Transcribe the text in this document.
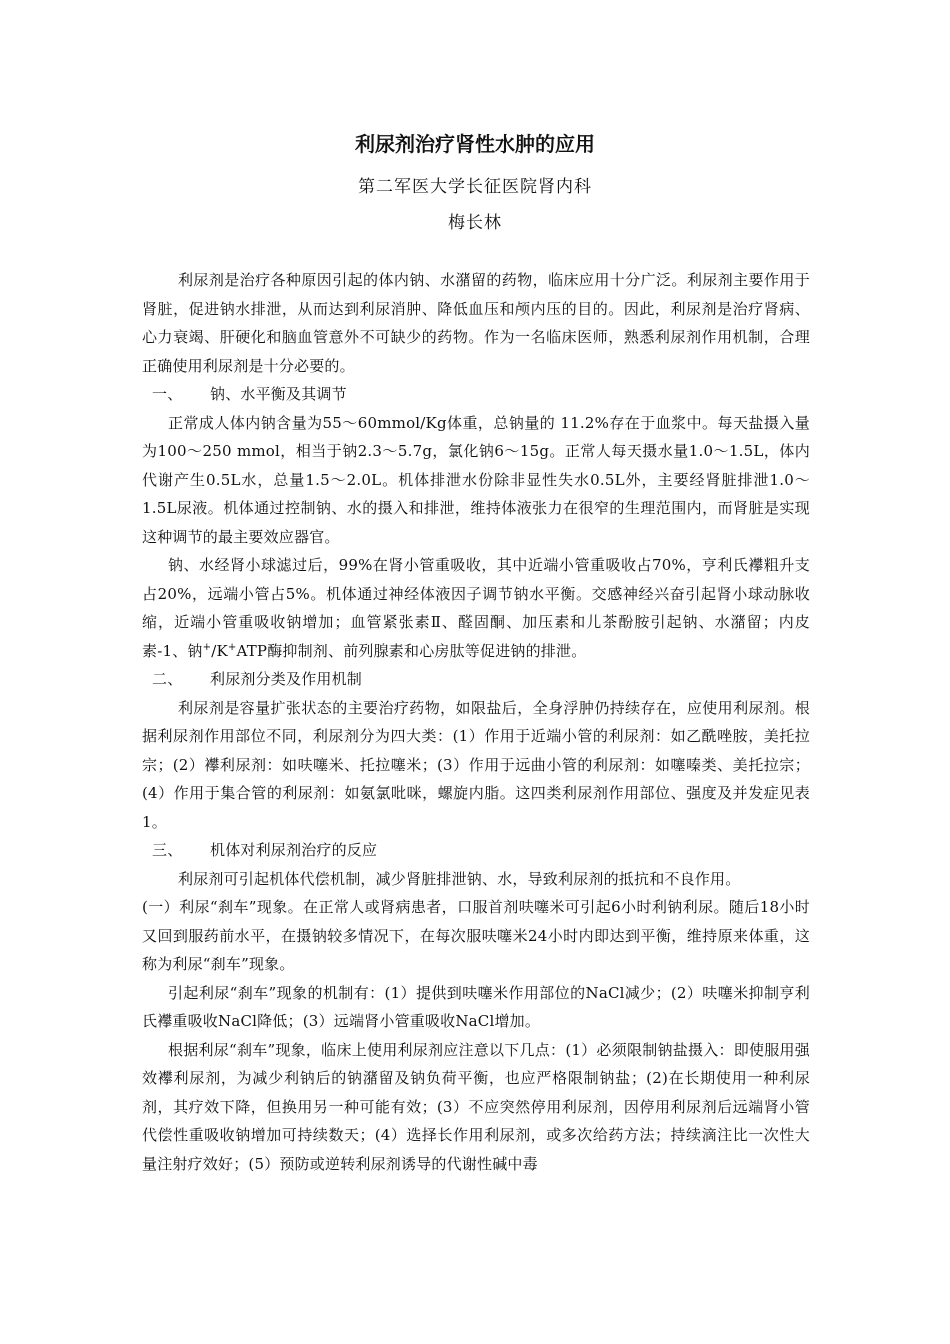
利尿剂治疗肾性水肿的应用
第二军医大学长征医院肾内科
梅长林

利尿剂是治疗各种原因引起的体内钠、水潴留的药物，临床应用十分广泛。利尿剂主要作用于肾脏，促进钠水排泄，从而达到利尿消肿、降低血压和颅内压的目的。因此，利尿剂是治疗肾病、心力衰竭、肝硬化和脑血管意外不可缺少的药物。作为一名临床医师，熟悉利尿剂作用机制，合理正确使用利尿剂是十分必要的。

一、 钠、水平衡及其调节

正常成人体内钠含量为55～60mmol/Kg体重，总钠量的 11.2%存在于血浆中。每天盐摄入量为100～250 mmol，相当于钠2.3～5.7g，氯化钠6～15g。正常人每天摄水量1.0～1.5L，体内代谢产生0.5L水，总量1.5～2.0L。机体排泄水份除非显性失水0.5L外，主要经肾脏排泄1.0～1.5L尿液。机体通过控制钠、水的摄入和排泄，维持体液张力在很窄的生理范围内，而肾脏是实现这种调节的最主要效应器官。

钠、水经肾小球滤过后，99%在肾小管重吸收，其中近端小管重吸收占70%，亨利氏襻粗升支占20%，远端小管占5%。机体通过神经体液因子调节钠水平衡。交感神经兴奋引起肾小球动脉收缩，近端小管重吸收钠增加；血管紧张素Ⅱ、醛固酮、加压素和儿茶酚胺引起钠、水潴留；内皮素-1、钠+/K+ATP酶抑制剂、前列腺素和心房肽等促进钠的排泄。

二、 利尿剂分类及作用机制

利尿剂是容量扩张状态的主要治疗药物，如限盐后，全身浮肿仍持续存在，应使用利尿剂。根据利尿剂作用部位不同，利尿剂分为四大类：(1）作用于近端小管的利尿剂：如乙酰唑胺，美托拉宗；(2）襻利尿剂：如呋噻米、托拉噻米；(3）作用于远曲小管的利尿剂：如噻嗪类、美托拉宗；(4）作用于集合管的利尿剂：如氨氯吡咪，螺旋内脂。这四类利尿剂作用部位、强度及并发症见表1。

三、 机体对利尿剂治疗的反应

利尿剂可引起机体代偿机制，减少肾脏排泄钠、水，导致利尿剂的抵抗和不良作用。

(一）利尿“刹车”现象。在正常人或肾病患者，口服首剂呋噻米可引起6小时利钠利尿。随后18小时又回到服药前水平，在摄钠较多情况下，在每次服呋噻米24小时内即达到平衡，维持原来体重，这称为利尿“刹车”现象。

引起利尿“刹车”现象的机制有：(1）提供到呋噻米作用部位的NaCl减少；(2）呋噻米抑制亨利氏襻重吸收NaCl降低；(3）远端肾小管重吸收NaCl增加。

根据利尿“刹车”现象，临床上使用利尿剂应注意以下几点：(1）必须限制钠盐摄入：即使服用强效襻利尿剂，为减少利钠后的钠潴留及钠负荷平衡，也应严格限制钠盐；(2)在长期使用一种利尿剂，其疗效下降，但换用另一种可能有效；(3）不应突然停用利尿剂，因停用利尿剂后远端肾小管代偿性重吸收钠增加可持续数天；(4）选择长作用利尿剂，或多次给药方法；持续滴注比一次性大量注射疗效好；(5）预防或逆转利尿剂诱导的代谢性碱中毒
